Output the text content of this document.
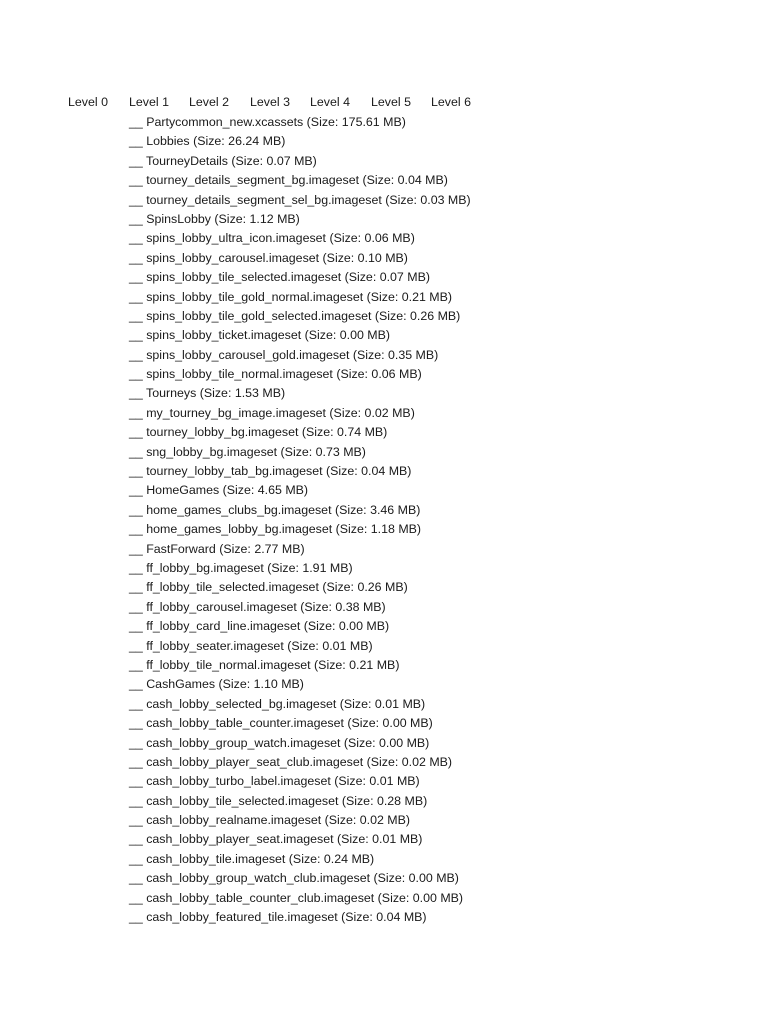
Level 0 Level 1 Level 2 Level 3 Level 4 Level 5 Level 6
__ Partycommon_new.xcassets (Size: 175.61 MB)
__ Lobbies (Size: 26.24 MB)
__ TourneyDetails (Size: 0.07 MB)
__ tourney_details_segment_bg.imageset (Size: 0.04 MB)
__ tourney_details_segment_sel_bg.imageset (Size: 0.03 MB)
__ SpinsLobby (Size: 1.12 MB)
__ spins_lobby_ultra_icon.imageset (Size: 0.06 MB)
__ spins_lobby_carousel.imageset (Size: 0.10 MB)
__ spins_lobby_tile_selected.imageset (Size: 0.07 MB)
__ spins_lobby_tile_gold_normal.imageset (Size: 0.21 MB)
__ spins_lobby_tile_gold_selected.imageset (Size: 0.26 MB)
__ spins_lobby_ticket.imageset (Size: 0.00 MB)
__ spins_lobby_carousel_gold.imageset (Size: 0.35 MB)
__ spins_lobby_tile_normal.imageset (Size: 0.06 MB)
__ Tourneys (Size: 1.53 MB)
__ my_tourney_bg_image.imageset (Size: 0.02 MB)
__ tourney_lobby_bg.imageset (Size: 0.74 MB)
__ sng_lobby_bg.imageset (Size: 0.73 MB)
__ tourney_lobby_tab_bg.imageset (Size: 0.04 MB)
__ HomeGames (Size: 4.65 MB)
__ home_games_clubs_bg.imageset (Size: 3.46 MB)
__ home_games_lobby_bg.imageset (Size: 1.18 MB)
__ FastForward (Size: 2.77 MB)
__ ff_lobby_bg.imageset (Size: 1.91 MB)
__ ff_lobby_tile_selected.imageset (Size: 0.26 MB)
__ ff_lobby_carousel.imageset (Size: 0.38 MB)
__ ff_lobby_card_line.imageset (Size: 0.00 MB)
__ ff_lobby_seater.imageset (Size: 0.01 MB)
__ ff_lobby_tile_normal.imageset (Size: 0.21 MB)
__ CashGames (Size: 1.10 MB)
__ cash_lobby_selected_bg.imageset (Size: 0.01 MB)
__ cash_lobby_table_counter.imageset (Size: 0.00 MB)
__ cash_lobby_group_watch.imageset (Size: 0.00 MB)
__ cash_lobby_player_seat_club.imageset (Size: 0.02 MB)
__ cash_lobby_turbo_label.imageset (Size: 0.01 MB)
__ cash_lobby_tile_selected.imageset (Size: 0.28 MB)
__ cash_lobby_realname.imageset (Size: 0.02 MB)
__ cash_lobby_player_seat.imageset (Size: 0.01 MB)
__ cash_lobby_tile.imageset (Size: 0.24 MB)
__ cash_lobby_group_watch_club.imageset (Size: 0.00 MB)
__ cash_lobby_table_counter_club.imageset (Size: 0.00 MB)
__ cash_lobby_featured_tile.imageset (Size: 0.04 MB)
